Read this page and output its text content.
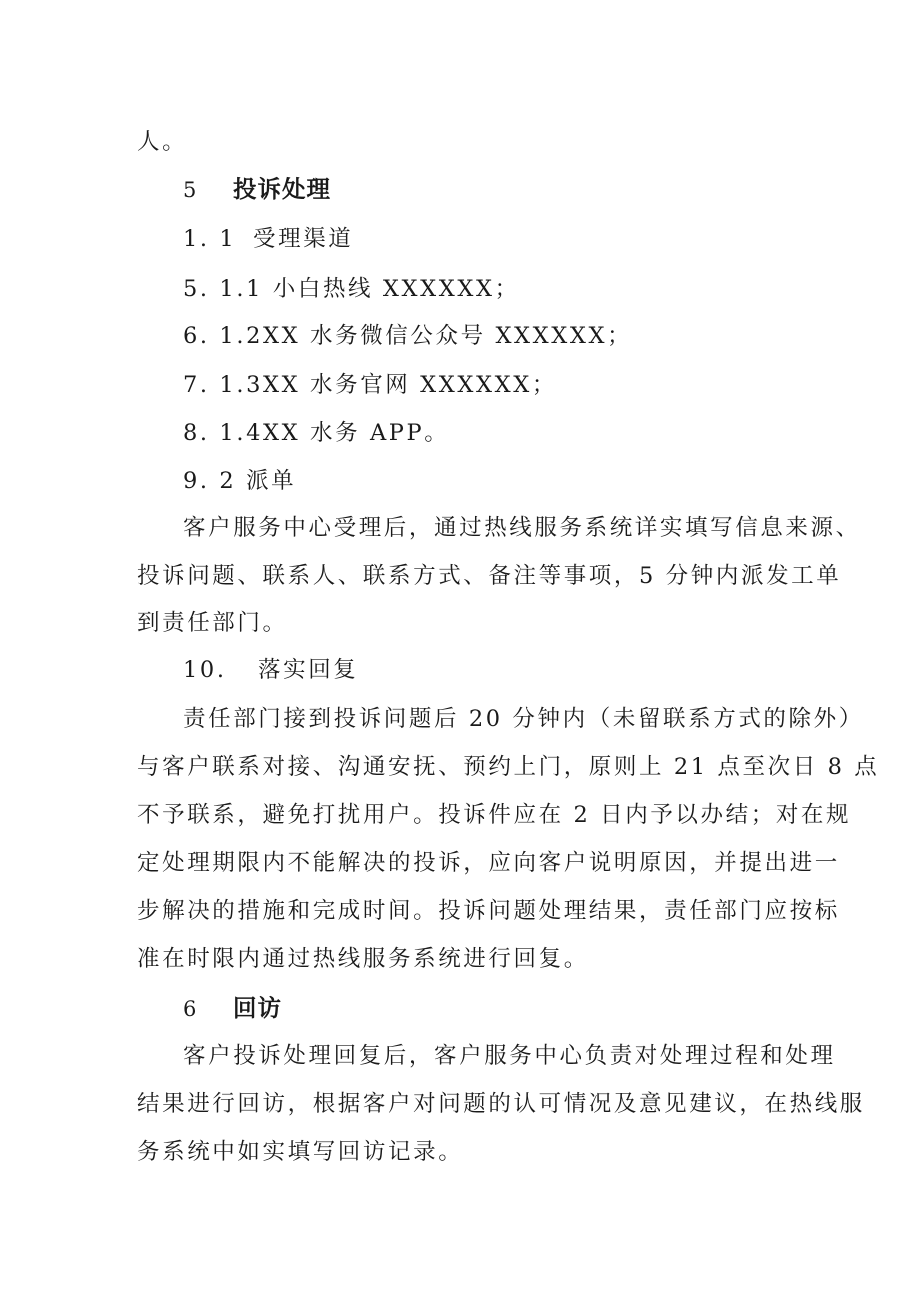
人。
5 投诉处理
1. 1 受理渠道
5. 1.1 小白热线 XXXXXX；
6. 1.2XX 水务微信公众号 XXXXXX；
7. 1.3XX 水务官网 XXXXXX；
8. 1.4XX 水务 APP。
9. 2 派单
客户服务中心受理后，通过热线服务系统详实填写信息来源、
投诉问题、联系人、联系方式、备注等事项，5 分钟内派发工单
到责任部门。
10. 落实回复
责任部门接到投诉问题后 20 分钟内（未留联系方式的除外）
与客户联系对接、沟通安抚、预约上门，原则上 21 点至次日 8 点
不予联系，避免打扰用户。投诉件应在 2 日内予以办结；对在规
定处理期限内不能解决的投诉，应向客户说明原因，并提出进一
步解决的措施和完成时间。投诉问题处理结果，责任部门应按标
准在时限内通过热线服务系统进行回复。
6 回访
客户投诉处理回复后，客户服务中心负责对处理过程和处理
结果进行回访，根据客户对问题的认可情况及意见建议，在热线服
务系统中如实填写回访记录。
